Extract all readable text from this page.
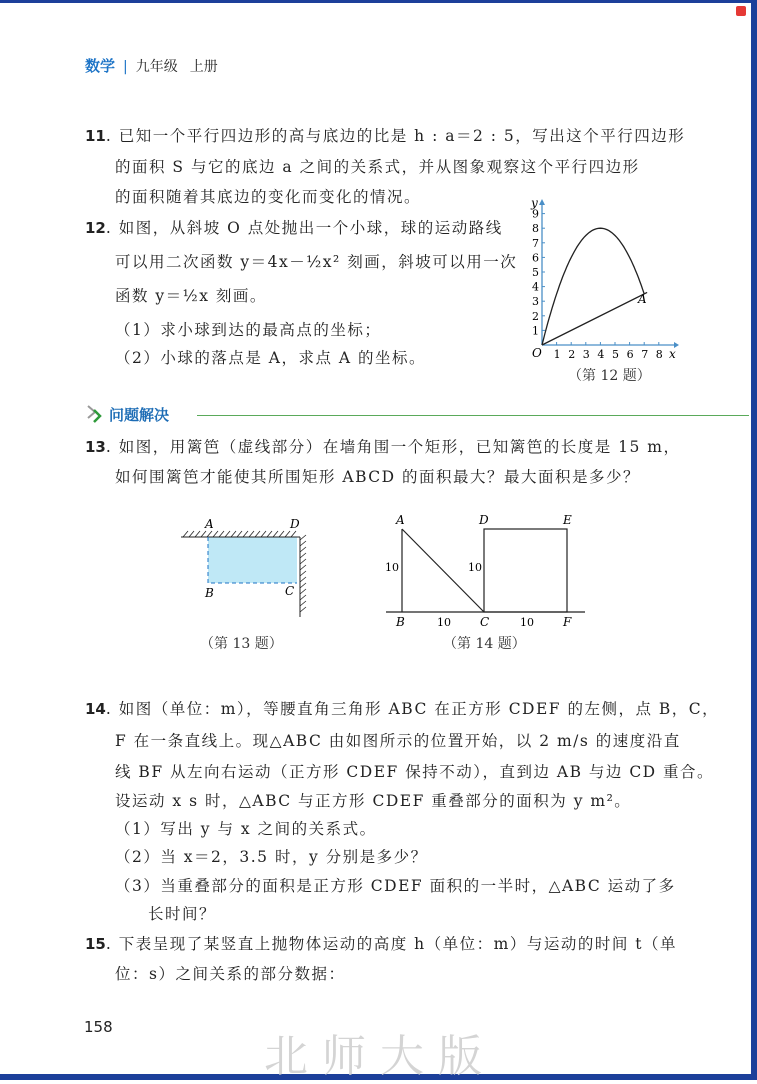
数学 | 九年级 上册
11. 已知一个平行四边形的高与底边的比是 h : a＝2 : 5，写出这个平行四边形
的面积 S 与它的底边 a 之间的关系式，并从图象观察这个平行四边形
的面积随着其底边的变化而变化的情况。
12. 如图，从斜坡 O 点处抛出一个小球，球的运动路线
可以用二次函数 y＝4x－½x² 刻画，斜坡可以用一次
函数 y＝½x 刻画。
（1）求小球到达的最高点的坐标；
（2）小球的落点是 A，求点 A 的坐标。
1
2
3
4
5
6
7
8
9
1 2 3 4 5 6 7 8
y
x
O
A
（第 12 题）
问题解决
13. 如图，用篱笆（虚线部分）在墙角围一个矩形，已知篱笆的长度是 15 m，
如何围篱笆才能使其所围矩形 ABCD 的面积最大？最大面积是多少？
A	D
B	C
（第 13 题）
A	D	E
B	C	F
10	10
10	10
（第 14 题）
14. 如图（单位：m），等腰直角三角形 ABC 在正方形 CDEF 的左侧，点 B，C，
F 在一条直线上。现△ABC 由如图所示的位置开始，以 2 m/s 的速度沿直
线 BF 从左向右运动（正方形 CDEF 保持不动），直到边 AB 与边 CD 重合。
设运动 x s 时，△ABC 与正方形 CDEF 重叠部分的面积为 y m²。
（1）写出 y 与 x 之间的关系式。
（2）当 x＝2，3.5 时，y 分别是多少？
（3）当重叠部分的面积是正方形 CDEF 面积的一半时，△ABC 运动了多
长时间？
15. 下表呈现了某竖直上抛物体运动的高度 h（单位：m）与运动的时间 t（单
位：s）之间关系的部分数据：
158
北师大版
